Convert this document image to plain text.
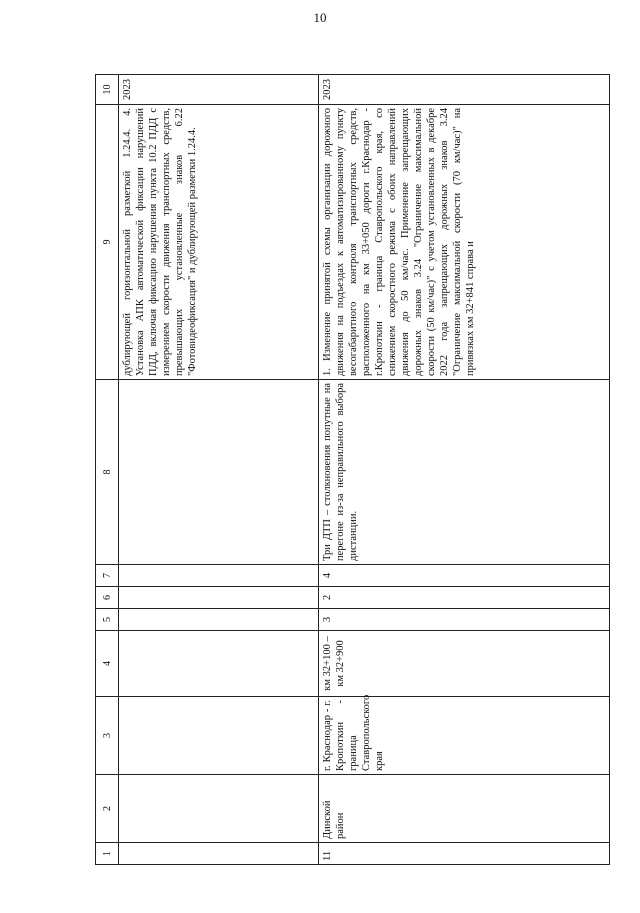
10
1	2	3	4	5	6	7	8	9	10
								дублирующей горизонтальной разметкой 1.24.4. 4. Установка АПК автоматической фиксации нарушений ПДД, включая фиксацию нарушения пункта 10.2 ПДД с измерением скорости движения транспортных средств, превышающих установленные знаков 6.22 "Фотовидеофиксация" и дублирующей разметки 1.24.4.	2023
11	Динской район	г. Краснодар - г. Кропоткин - граница Ставропольского края	км 32+100 – км 32+900	3	2	4	Три ДТП – столкновения попутные на перегоне из-за неправильного выбора дистанции.	1. Изменение принятой схемы организации дорожного движения на подъездах к автоматизированному пункту весогабаритного контроля транспортных средств, расположенного на км 33+050 дороги г.Краснодар - г.Кропоткин - граница Ставропольского края, со снижением скоростного режима с обоих направлений движения до 50 км/час. Применение запрещающих дорожных знаков 3.24 "Ограничение максимальной скорости (50 км/час)" с учетом установленных в декабре 2022 года запрещающих дорожных знаков 3.24 "Ограничение максимальной скорости (70 км/час)" на привязках км 32+841 справа и	2023
